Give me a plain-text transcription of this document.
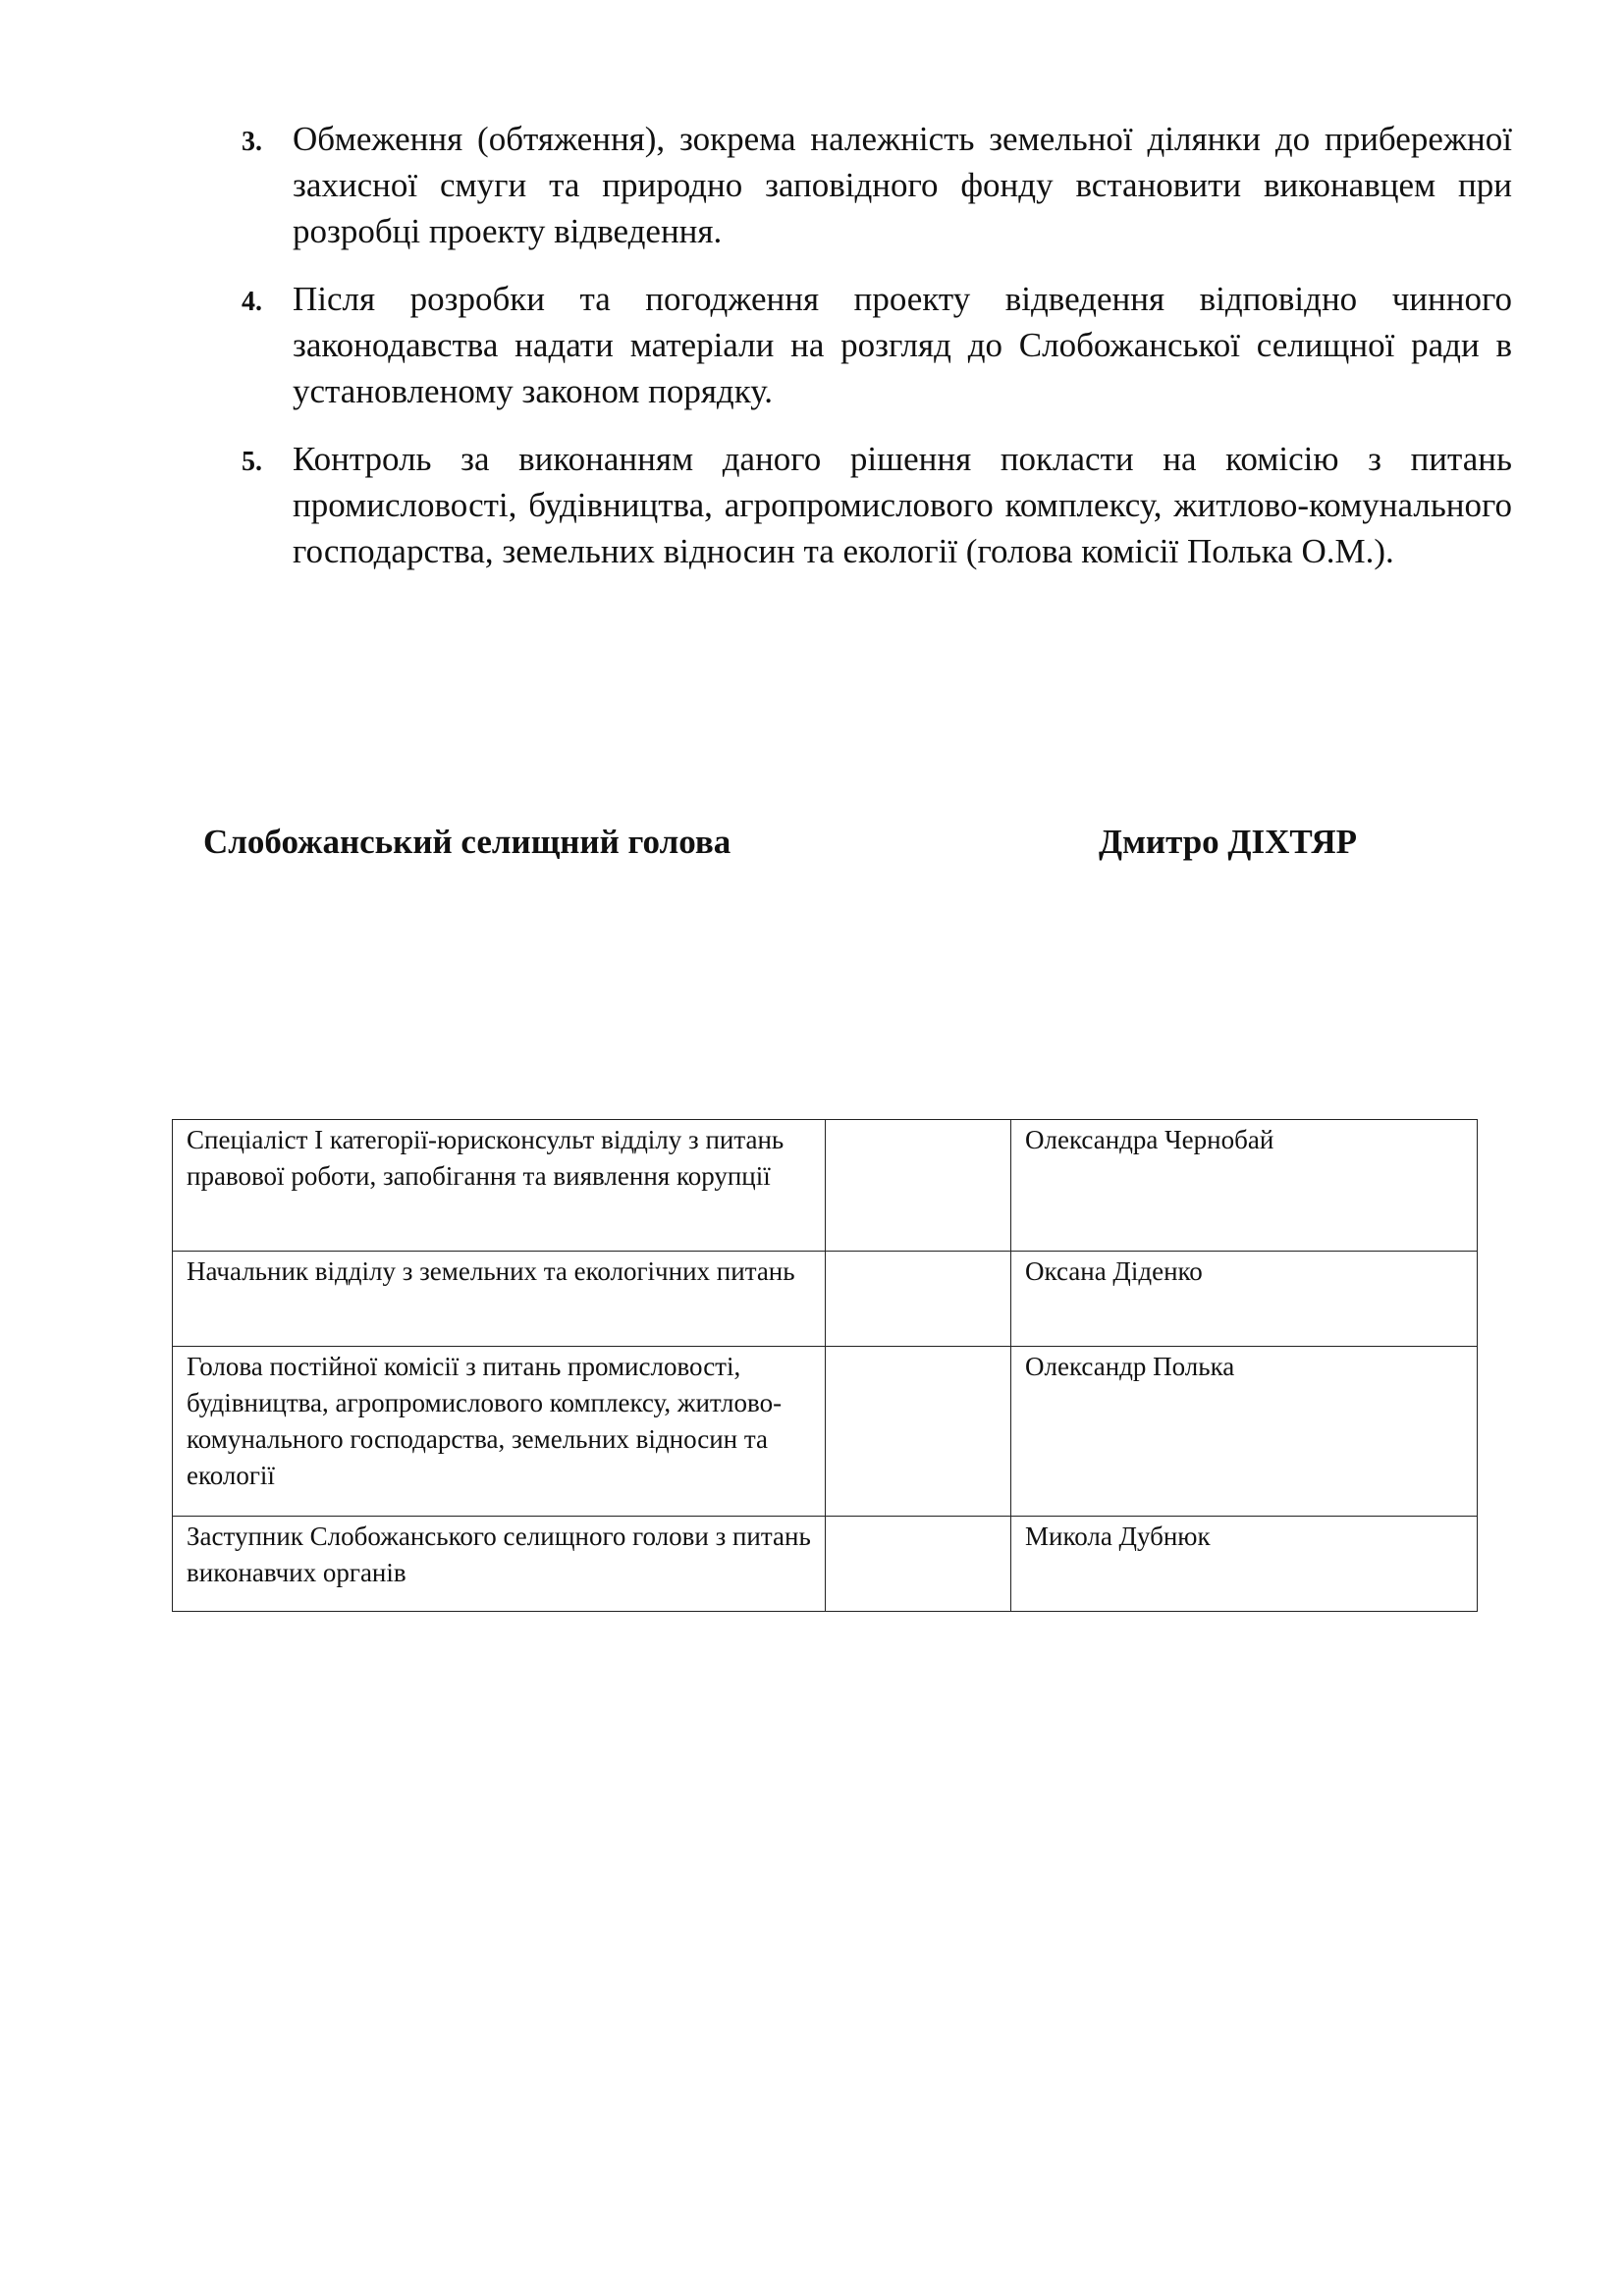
3. Обмеження (обтяження), зокрема належність земельної ділянки до прибережної захисної смуги та природно заповідного фонду встановити виконавцем при розробці проекту відведення.
4. Після розробки та погодження проекту відведення відповідно чинного законодавства надати матеріали на розгляд до Слобожанської селищної ради в установленому законом порядку.
5. Контроль за виконанням даного рішення покласти на комісію з питань промисловості, будівництва, агропромислового комплексу, житлово-комунального господарства, земельних відносин та екології (голова комісії Полька О.М.).
Слобожанський селищний голова	Дмитро ДІХТЯР
Спеціаліст І категорії-юрисконсульт відділу з питань правової роботи, запобігання та виявлення корупції		Олександра Чернобай
Начальник відділу з земельних та екологічних питань		Оксана Діденко
Голова постійної комісії з питань промисловості, будівництва, агропромислового комплексу, житлово-комунального господарства, земельних відносин та екології		Олександр Полька
Заступник Слобожанського селищного голови з питань виконавчих органів		Микола Дубнюк
